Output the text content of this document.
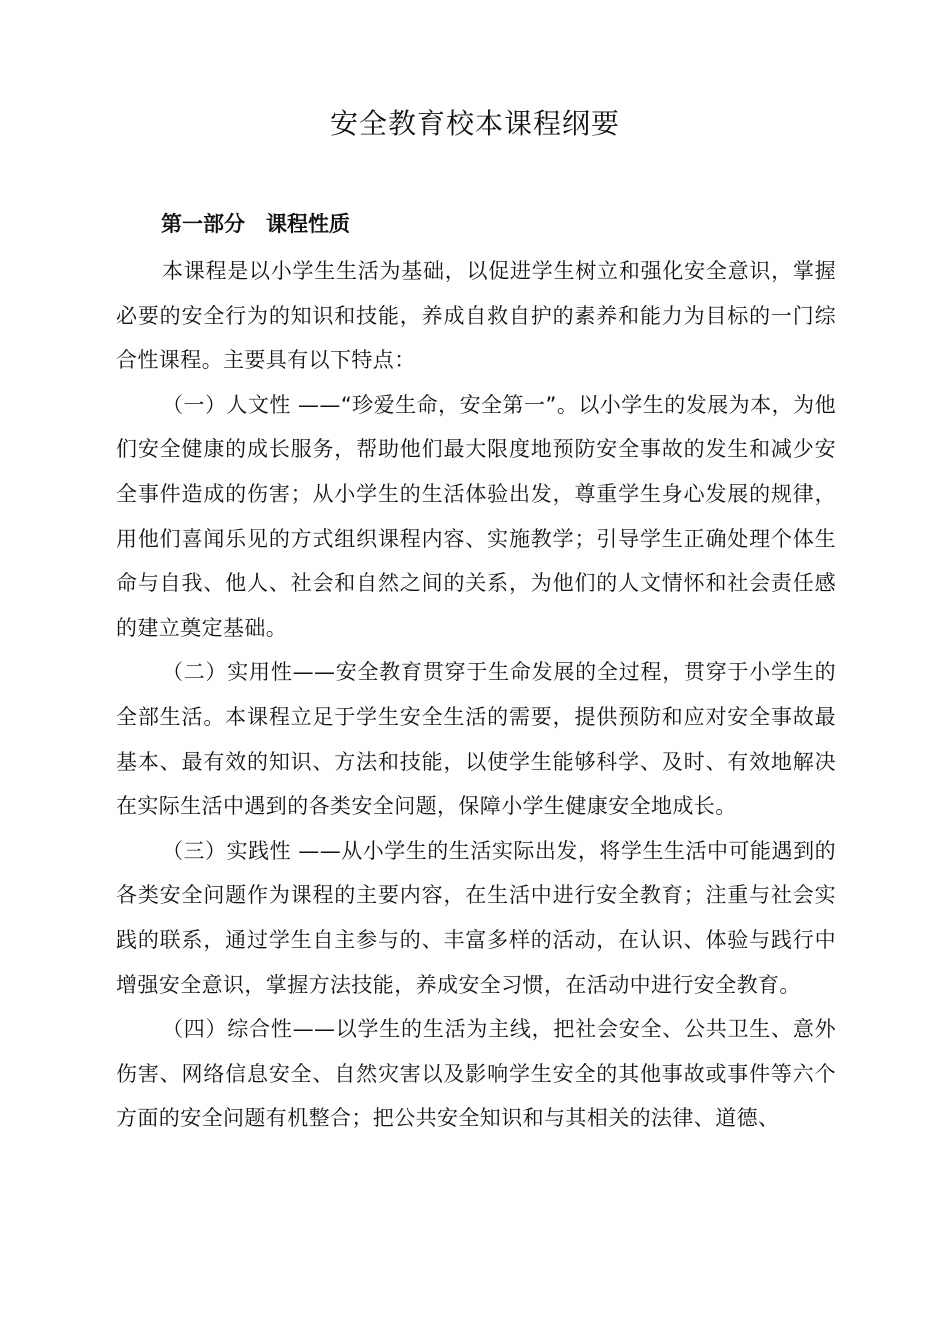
安全教育校本课程纲要
第一部分　课程性质

本课程是以小学生生活为基础，以促进学生树立和强化安全意识，掌握必要的安全行为的知识和技能，养成自救自护的素养和能力为目标的一门综合性课程。主要具有以下特点：

（一）人文性 ——“珍爱生命，安全第一”。以小学生的发展为本，为他们安全健康的成长服务，帮助他们最大限度地预防安全事故的发生和减少安全事件造成的伤害；从小学生的生活体验出发，尊重学生身心发展的规律，用他们喜闻乐见的方式组织课程内容、实施教学；引导学生正确处理个体生命与自我、他人、社会和自然之间的关系，为他们的人文情怀和社会责任感的建立奠定基础。

（二）实用性——安全教育贯穿于生命发展的全过程，贯穿于小学生的全部生活。本课程立足于学生安全生活的需要，提供预防和应对安全事故最基本、最有效的知识、方法和技能，以使学生能够科学、及时、有效地解决在实际生活中遇到的各类安全问题，保障小学生健康安全地成长。

（三）实践性 ——从小学生的生活实际出发，将学生生活中可能遇到的各类安全问题作为课程的主要内容，在生活中进行安全教育；注重与社会实践的联系，通过学生自主参与的、丰富多样的活动，在认识、体验与践行中增强安全意识，掌握方法技能，养成安全习惯，在活动中进行安全教育。

（四）综合性——以学生的生活为主线，把社会安全、公共卫生、意外伤害、网络信息安全、自然灾害以及影响学生安全的其他事故或事件等六个方面的安全问题有机整合；把公共安全知识和与其相关的法律、道德、
